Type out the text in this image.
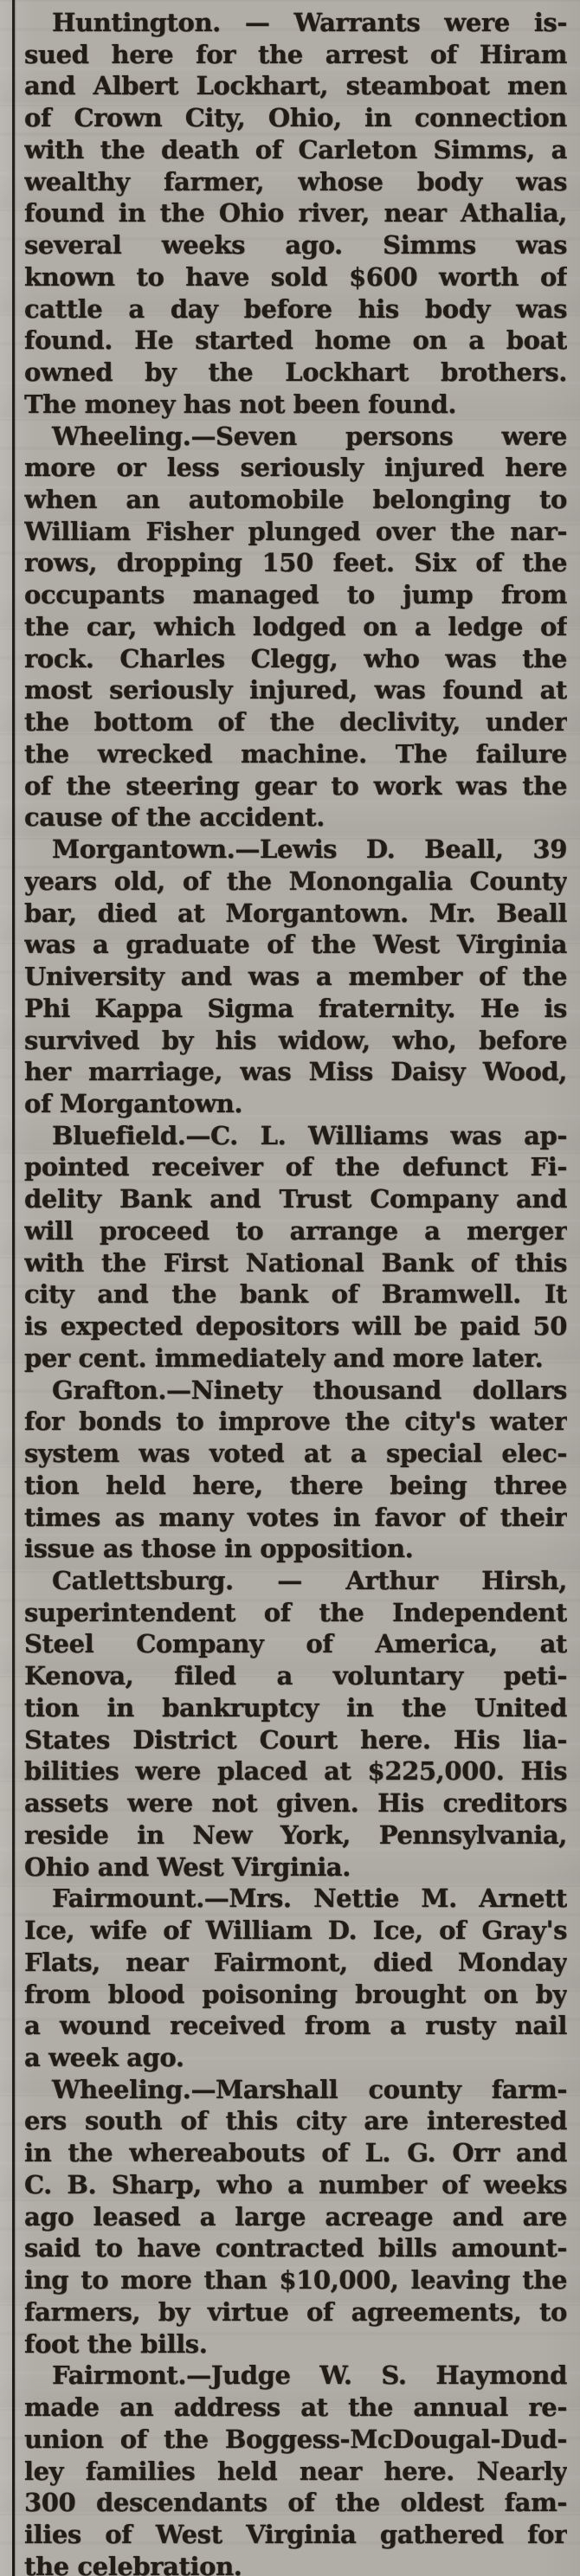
Huntington. — Warrants were is-
sued here for the arrest of Hiram
and Albert Lockhart, steamboat men
of Crown City, Ohio, in connection
with the death of Carleton Simms, a
wealthy farmer, whose body was
found in the Ohio river, near Athalia,
several weeks ago. Simms was
known to have sold $600 worth of
cattle a day before his body was
found. He started home on a boat
owned by the Lockhart brothers.
The money has not been found.

Wheeling.—Seven persons were
more or less seriously injured here
when an automobile belonging to
William Fisher plunged over the nar-
rows, dropping 150 feet. Six of the
occupants managed to jump from
the car, which lodged on a ledge of
rock. Charles Clegg, who was the
most seriously injured, was found at
the bottom of the declivity, under
the wrecked machine. The failure
of the steering gear to work was the
cause of the accident.

Morgantown.—Lewis D. Beall, 39
years old, of the Monongalia County
bar, died at Morgantown. Mr. Beall
was a graduate of the West Virginia
University and was a member of the
Phi Kappa Sigma fraternity. He is
survived by his widow, who, before
her marriage, was Miss Daisy Wood,
of Morgantown.

Bluefield.—C. L. Williams was ap-
pointed receiver of the defunct Fi-
delity Bank and Trust Company and
will proceed to arrange a merger
with the First National Bank of this
city and the bank of Bramwell. It
is expected depositors will be paid 50
per cent. immediately and more later.

Grafton.—Ninety thousand dollars
for bonds to improve the city's water
system was voted at a special elec-
tion held here, there being three
times as many votes in favor of their
issue as those in opposition.

Catlettsburg. — Arthur Hirsh,
superintendent of the Independent
Steel Company of America, at
Kenova, filed a voluntary peti-
tion in bankruptcy in the United
States District Court here. His lia-
bilities were placed at $225,000. His
assets were not given. His creditors
reside in New York, Pennsylvania,
Ohio and West Virginia.

Fairmount.—Mrs. Nettie M. Arnett
Ice, wife of William D. Ice, of Gray's
Flats, near Fairmont, died Monday
from blood poisoning brought on by
a wound received from a rusty nail
a week ago.

Wheeling.—Marshall county farm-
ers south of this city are interested
in the whereabouts of L. G. Orr and
C. B. Sharp, who a number of weeks
ago leased a large acreage and are
said to have contracted bills amount-
ing to more than $10,000, leaving the
farmers, by virtue of agreements, to
foot the bills.

Fairmont.—Judge W. S. Haymond
made an address at the annual re-
union of the Boggess-McDougal-Dud-
ley families held near here. Nearly
300 descendants of the oldest fam-
ilies of West Virginia gathered for
the celebration.
